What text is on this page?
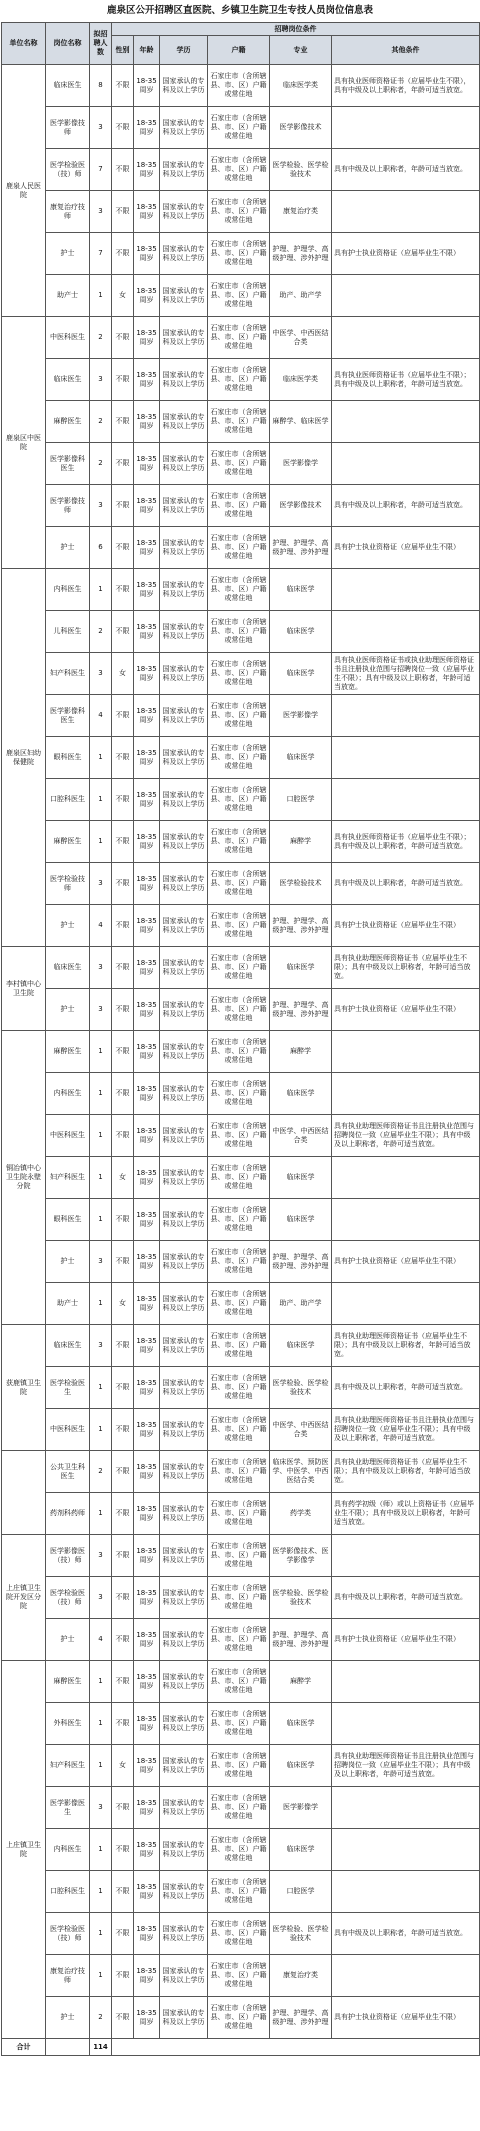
鹿泉区公开招聘区直医院、乡镇卫生院卫生专技人员岗位信息表
单位名称	岗位名称	拟招聘人数	招聘岗位条件					
			性别	年龄	学历	户籍	专业	其他条件
鹿泉人民医院	临床医生	8	不限	18-35周岁	国家承认的专科及以上学历	石家庄市（含所辖县、市、区）户籍或常住地	临床医学类	具有执业医师资格证书（应届毕业生不限），具有中级及以上职称者，年龄可适当放宽。
	医学影像技师	3	不限	18-35周岁	国家承认的专科及以上学历	石家庄市（含所辖县、市、区）户籍或常住地	医学影像技术	
	医学检验医（技）师	7	不限	18-35周岁	国家承认的专科及以上学历	石家庄市（含所辖县、市、区）户籍或常住地	医学检验、医学检验技术	具有中级及以上职称者，年龄可适当放宽。
	康复治疗技师	3	不限	18-35周岁	国家承认的专科及以上学历	石家庄市（含所辖县、市、区）户籍或常住地	康复治疗类	
	护士	7	不限	18-35周岁	国家承认的专科及以上学历	石家庄市（含所辖县、市、区）户籍或常住地	护理、护理学、高级护理、涉外护理	具有护士执业资格证（应届毕业生不限）
	助产士	1	女	18-35周岁	国家承认的专科及以上学历	石家庄市（含所辖县、市、区）户籍或常住地	助产、助产学	
鹿泉区中医院	中医科医生	2	不限	18-35周岁	国家承认的专科及以上学历	石家庄市（含所辖县、市、区）户籍或常住地	中医学、中西医结合类	
	临床医生	3	不限	18-35周岁	国家承认的专科及以上学历	石家庄市（含所辖县、市、区）户籍或常住地	临床医学类	具有执业医师资格证书（应届毕业生不限）；具有中级及以上职称者，年龄可适当放宽。
	麻醉医生	2	不限	18-35周岁	国家承认的专科及以上学历	石家庄市（含所辖县、市、区）户籍或常住地	麻醉学、临床医学	
	医学影像科医生	2	不限	18-35周岁	国家承认的专科及以上学历	石家庄市（含所辖县、市、区）户籍或常住地	医学影像学	
	医学影像技师	3	不限	18-35周岁	国家承认的专科及以上学历	石家庄市（含所辖县、市、区）户籍或常住地	医学影像技术	具有中级及以上职称者，年龄可适当放宽。
	护士	6	不限	18-35周岁	国家承认的专科及以上学历	石家庄市（含所辖县、市、区）户籍或常住地	护理、护理学、高级护理、涉外护理	具有护士执业资格证（应届毕业生不限）
鹿泉区妇幼保健院	内科医生	1	不限	18-35周岁	国家承认的专科及以上学历	石家庄市（含所辖县、市、区）户籍或常住地	临床医学	
	儿科医生	2	不限	18-35周岁	国家承认的专科及以上学历	石家庄市（含所辖县、市、区）户籍或常住地	临床医学	
	妇产科医生	3	女	18-35周岁	国家承认的专科及以上学历	石家庄市（含所辖县、市、区）户籍或常住地	临床医学	具有执业医师资格证书或执业助理医师资格证书且注册执业范围与招聘岗位一致（应届毕业生不限）；具有中级及以上职称者，年龄可适当放宽。
	医学影像科医生	4	不限	18-35周岁	国家承认的专科及以上学历	石家庄市（含所辖县、市、区）户籍或常住地	医学影像学	
	眼科医生	1	不限	18-35周岁	国家承认的专科及以上学历	石家庄市（含所辖县、市、区）户籍或常住地	临床医学	
	口腔科医生	1	不限	18-35周岁	国家承认的专科及以上学历	石家庄市（含所辖县、市、区）户籍或常住地	口腔医学	
	麻醉医生	1	不限	18-35周岁	国家承认的专科及以上学历	石家庄市（含所辖县、市、区）户籍或常住地	麻醉学	具有执业医师资格证书（应届毕业生不限）；具有中级及以上职称者，年龄可适当放宽。
	医学检验技师	3	不限	18-35周岁	国家承认的专科及以上学历	石家庄市（含所辖县、市、区）户籍或常住地	医学检验技术	具有中级及以上职称者，年龄可适当放宽。
	护士	4	不限	18-35周岁	国家承认的专科及以上学历	石家庄市（含所辖县、市、区）户籍或常住地	护理、护理学、高级护理、涉外护理	具有护士执业资格证（应届毕业生不限）
李村镇中心卫生院	临床医生	3	不限	18-35周岁	国家承认的专科及以上学历	石家庄市（含所辖县、市、区）户籍或常住地	临床医学	具有执业助理医师资格证书（应届毕业生不限）；具有中级及以上职称者，年龄可适当放宽。
	护士	3	不限	18-35周岁	国家承认的专科及以上学历	石家庄市（含所辖县、市、区）户籍或常住地	护理、护理学、高级护理、涉外护理	具有护士执业资格证（应届毕业生不限）
铜冶镇中心卫生院永壁分院	麻醉医生	1	不限	18-35周岁	国家承认的专科及以上学历	石家庄市（含所辖县、市、区）户籍或常住地	麻醉学	
	内科医生	1	不限	18-35周岁	国家承认的专科及以上学历	石家庄市（含所辖县、市、区）户籍或常住地	临床医学	
	中医科医生	1	不限	18-35周岁	国家承认的专科及以上学历	石家庄市（含所辖县、市、区）户籍或常住地	中医学、中西医结合类	具有执业助理医师资格证书且注册执业范围与招聘岗位一致（应届毕业生不限）；具有中级及以上职称者，年龄可适当放宽。
	妇产科医生	1	女	18-35周岁	国家承认的专科及以上学历	石家庄市（含所辖县、市、区）户籍或常住地	临床医学	
	眼科医生	1	不限	18-35周岁	国家承认的专科及以上学历	石家庄市（含所辖县、市、区）户籍或常住地	临床医学	
	护士	3	不限	18-35周岁	国家承认的专科及以上学历	石家庄市（含所辖县、市、区）户籍或常住地	护理、护理学、高级护理、涉外护理	具有护士执业资格证（应届毕业生不限）
	助产士	1	女	18-35周岁	国家承认的专科及以上学历	石家庄市（含所辖县、市、区）户籍或常住地	助产、助产学	
获鹿镇卫生院	临床医生	3	不限	18-35周岁	国家承认的专科及以上学历	石家庄市（含所辖县、市、区）户籍或常住地	临床医学	具有执业助理医师资格证书（应届毕业生不限）；具有中级及以上职称者，年龄可适当放宽。
	医学检验医生	1	不限	18-35周岁	国家承认的专科及以上学历	石家庄市（含所辖县、市、区）户籍或常住地	医学检验、医学检验技术	具有中级及以上职称者，年龄可适当放宽。
	中医科医生	1	不限	18-35周岁	国家承认的专科及以上学历	石家庄市（含所辖县、市、区）户籍或常住地	中医学、中西医结合类	具有执业助理医师资格证书且注册执业范围与招聘岗位一致（应届毕业生不限）；具有中级及以上职称者，年龄可适当放宽。
	公共卫生科医生	2	不限	18-35周岁	国家承认的专科及以上学历	石家庄市（含所辖县、市、区）户籍或常住地	临床医学、预防医学、中医学、中西医结合类	具有执业助理医师资格证书（应届毕业生不限）；具有中级及以上职称者，年龄可适当放宽。
	药剂科药师	1	不限	18-35周岁	国家承认的专科及以上学历	石家庄市（含所辖县、市、区）户籍或常住地	药学类	具有药学初级（师）或以上资格证书（应届毕业生不限）；具有中级及以上职称者，年龄可适当放宽。
上庄镇卫生院开发区分院	医学影像医（技）师	3	不限	18-35周岁	国家承认的专科及以上学历	石家庄市（含所辖县、市、区）户籍或常住地	医学影像技术、医学影像学	
	医学检验医（技）师	3	不限	18-35周岁	国家承认的专科及以上学历	石家庄市（含所辖县、市、区）户籍或常住地	医学检验、医学检验技术	具有中级及以上职称者，年龄可适当放宽。
	护士	4	不限	18-35周岁	国家承认的专科及以上学历	石家庄市（含所辖县、市、区）户籍或常住地	护理、护理学、高级护理、涉外护理	具有护士执业资格证（应届毕业生不限）
上庄镇卫生院	麻醉医生	1	不限	18-35周岁	国家承认的专科及以上学历	石家庄市（含所辖县、市、区）户籍或常住地	麻醉学	
	外科医生	1	不限	18-35周岁	国家承认的专科及以上学历	石家庄市（含所辖县、市、区）户籍或常住地	临床医学	
	妇产科医生	1	女	18-35周岁	国家承认的专科及以上学历	石家庄市（含所辖县、市、区）户籍或常住地	临床医学	具有执业助理医师资格证书且注册执业范围与招聘岗位一致（应届毕业生不限）；具有中级及以上职称者，年龄可适当放宽。
	医学影像医生	3	不限	18-35周岁	国家承认的专科及以上学历	石家庄市（含所辖县、市、区）户籍或常住地	医学影像学	
	内科医生	1	不限	18-35周岁	国家承认的专科及以上学历	石家庄市（含所辖县、市、区）户籍或常住地	临床医学	
	口腔科医生	1	不限	18-35周岁	国家承认的专科及以上学历	石家庄市（含所辖县、市、区）户籍或常住地	口腔医学	
	医学检验医（技）师	1	不限	18-35周岁	国家承认的专科及以上学历	石家庄市（含所辖县、市、区）户籍或常住地	医学检验、医学检验技术	具有中级及以上职称者，年龄可适当放宽。
	康复治疗技师	1	不限	18-35周岁	国家承认的专科及以上学历	石家庄市（含所辖县、市、区）户籍或常住地	康复治疗类	
	护士	2	不限	18-35周岁	国家承认的专科及以上学历	石家庄市（含所辖县、市、区）户籍或常住地	护理、护理学、高级护理、涉外护理	具有护士执业资格证（应届毕业生不限）
合计		114						
